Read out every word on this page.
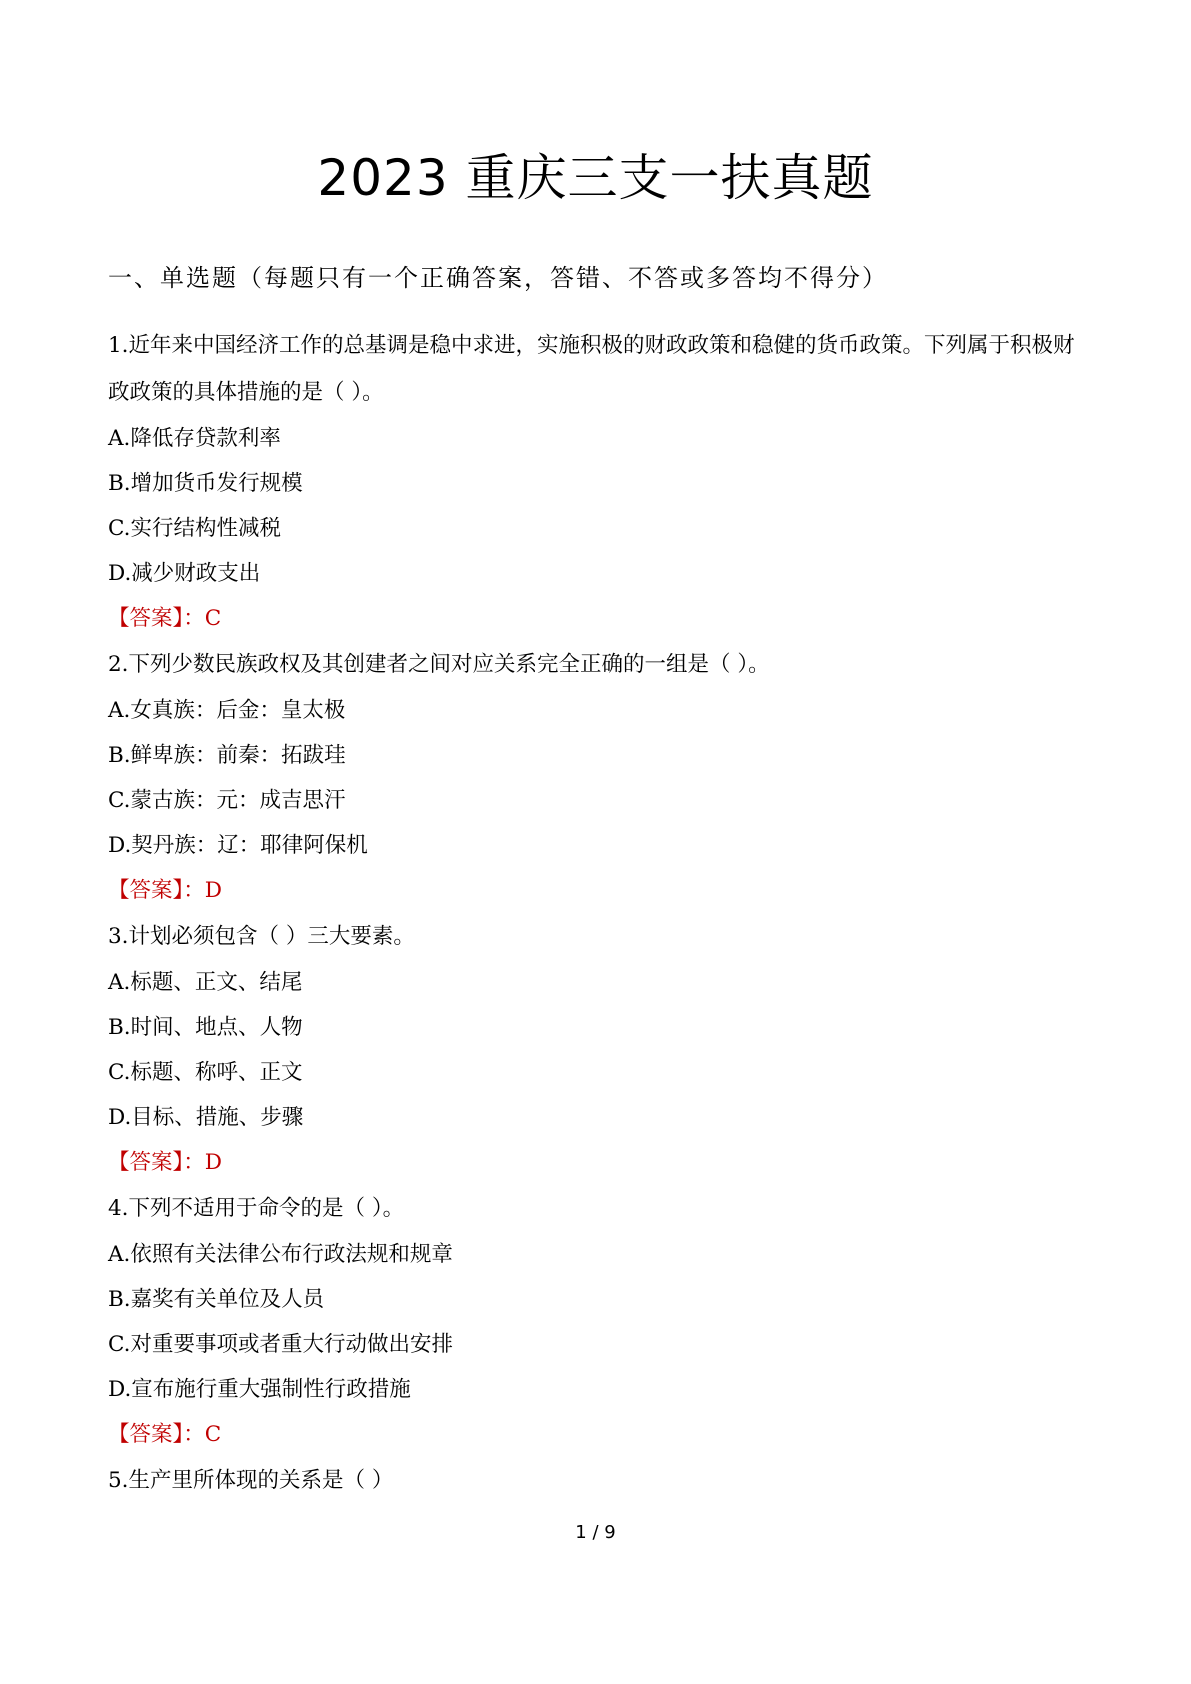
2023 重庆三支一扶真题
一、单选题（每题只有一个正确答案，答错、不答或多答均不得分）

1.近年来中国经济工作的总基调是稳中求进，实施积极的财政政策和稳健的货币政策。下列属于积极财政政策的具体措施的是（ ）。

A.降低存贷款利率

B.增加货币发行规模

C.实行结构性减税

D.减少财政支出

【答案】：C

2.下列少数民族政权及其创建者之间对应关系完全正确的一组是（ ）。

A.女真族：后金：皇太极

B.鲜卑族：前秦：拓跋珪

C.蒙古族：元：成吉思汗

D.契丹族：辽：耶律阿保机

【答案】：D

3.计划必须包含（ ）三大要素。

A.标题、正文、结尾

B.时间、地点、人物

C.标题、称呼、正文

D.目标、措施、步骤

【答案】：D

4.下列不适用于命令的是（ ）。

A.依照有关法律公布行政法规和规章

B.嘉奖有关单位及人员

C.对重要事项或者重大行动做出安排

D.宣布施行重大强制性行政措施

【答案】：C

5.生产里所体现的关系是（ ）

1 / 9
